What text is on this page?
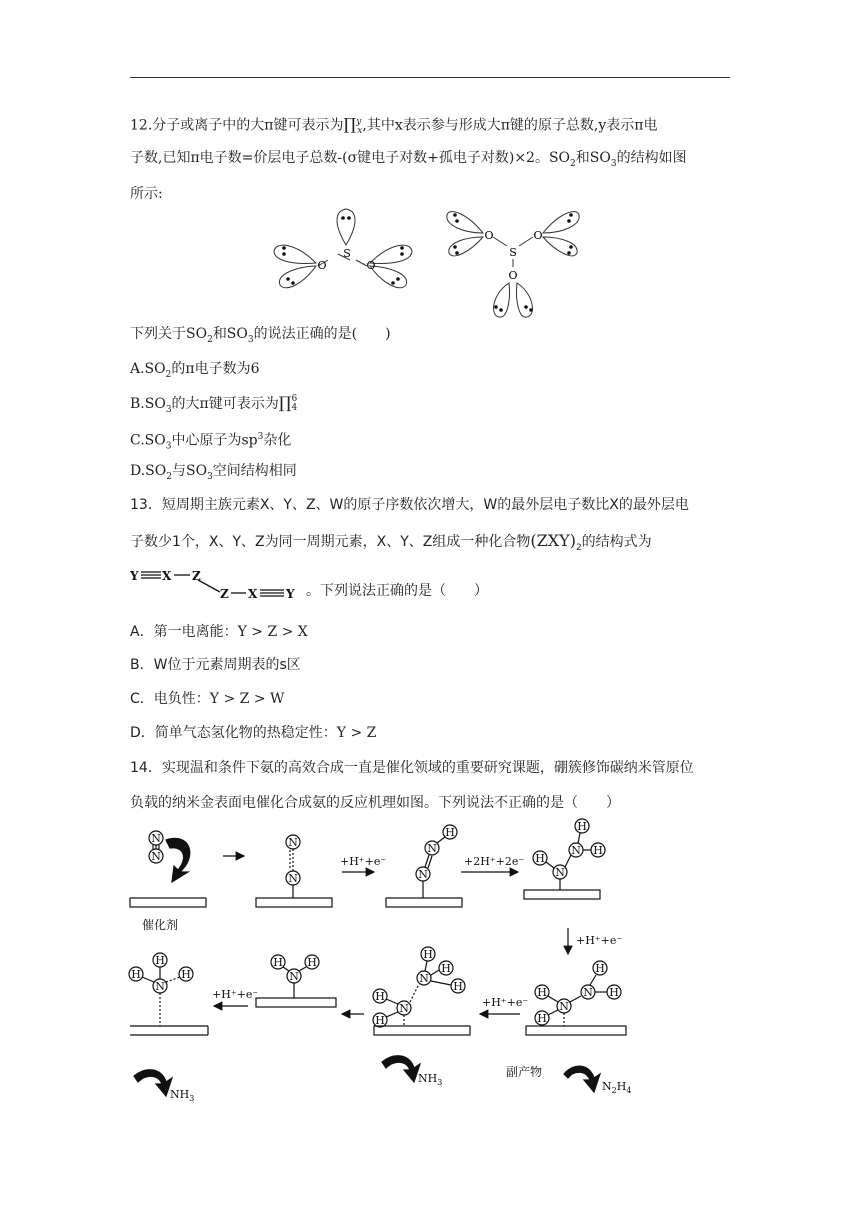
12.分子或离子中的大π键可表示为∏$^y_x$,其中x表示参与形成大π键的原子总数,y表示π电
子数,已知π电子数=价层电子总数-(σ键电子对数+孤电子对数)×2。$SO_2$和$SO_3$的结构如图
所示:
S
O	O
O
S
O
O
下列关于$SO_2$和$SO_3$的说法正确的是(　　)
$A.SO_2$的π电子数为6
$B.SO_3$的大π键可表示为∏ 6
4
$C.SO_3$中心原子为$sp^3$杂化
$D.SO_2$与$SO_3$空间结构相同
13．短周期主族元素X、Y、Z、W的原子序数依次增大，W的最外层电子数比X的最外层电
子数少1个，X、Y、Z为同一周期元素，X、Y、Z组成一种化合物$(ZXY)_2$的结构式为
Y X Z
Z X Y 。下列说法正确的是（　　）
A．第一电离能：Y > Z > X
B．W位于元素周期表的s区
C．电负性：Y > Z > W
D．简单气态氢化物的热稳定性：Y > Z
14．实现温和条件下氨的高效合成一直是催化领域的重要研究课题，硼簇修饰碳纳米管原位
负载的纳米金表面电催化合成氨的反应机理如图。下列说法不正确的是（　　）
N
N
N
N	N
N
H
N
H
N
H
H
N
H
H
N H
H
N
H
H
N
H
H
H
N
H H
N
H
H	H
催化剂
+H⁺+e⁻	+2H⁺+2e⁻
+H⁺+e⁻
+H⁺+e⁻
+H⁺+e⁻
副产物
$N_2H_4$
$NH_3$
$NH_3$
